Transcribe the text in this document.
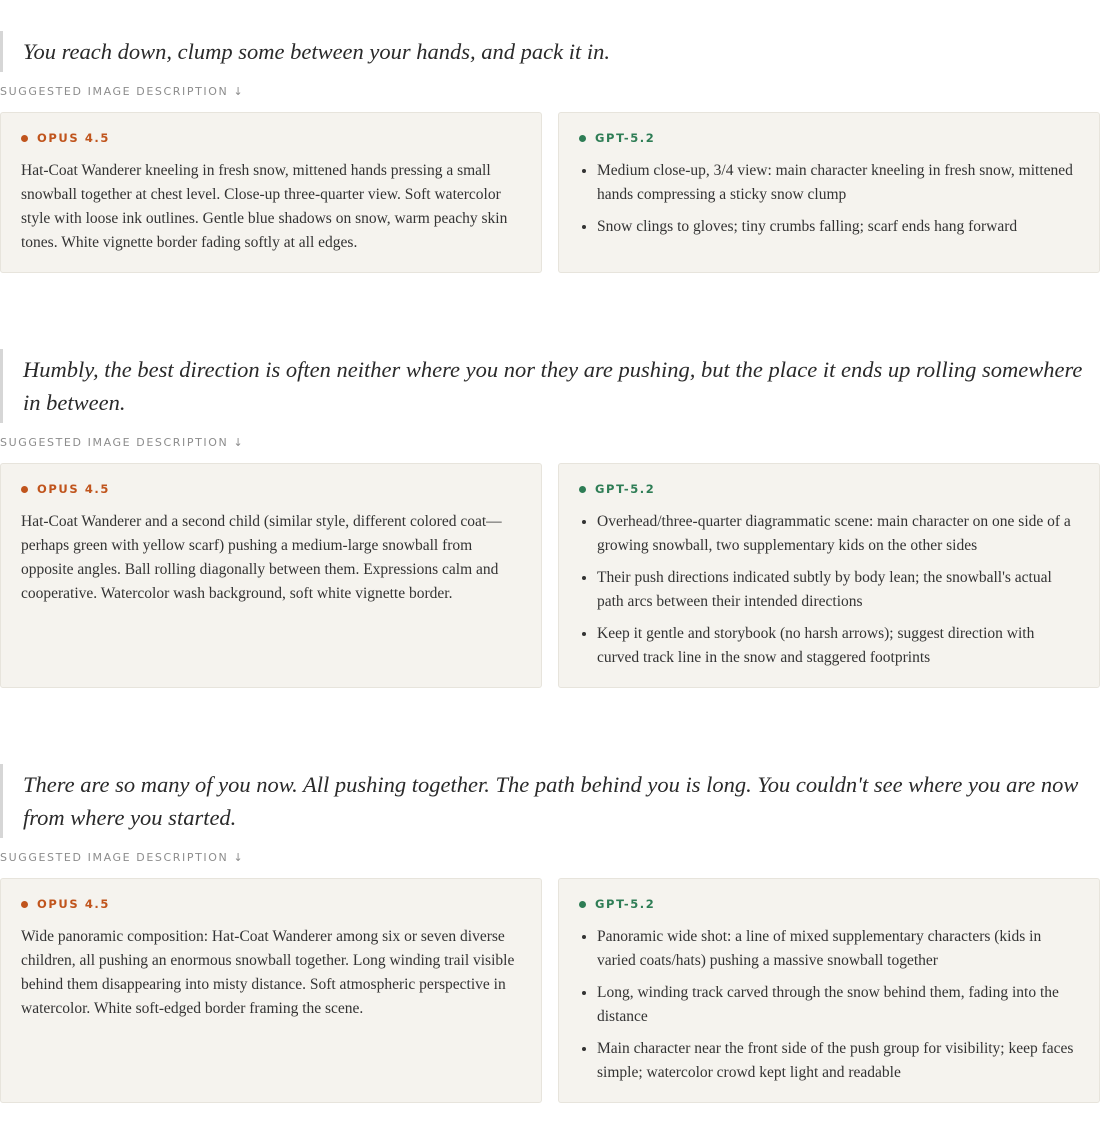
You reach down, clump some between your hands, and pack it in.
SUGGESTED IMAGE DESCRIPTION ↓
OPUS 4.5
Hat-Coat Wanderer kneeling in fresh snow, mittened hands pressing a small snowball together at chest level. Close-up three-quarter view. Soft watercolor style with loose ink outlines. Gentle blue shadows on snow, warm peachy skin tones. White vignette border fading softly at all edges.
GPT-5.2
• Medium close-up, 3/4 view: main character kneeling in fresh snow, mittened hands compressing a sticky snow clump
• Snow clings to gloves; tiny crumbs falling; scarf ends hang forward
Humbly, the best direction is often neither where you nor they are pushing, but the place it ends up rolling somewhere in between.
SUGGESTED IMAGE DESCRIPTION ↓
OPUS 4.5
Hat-Coat Wanderer and a second child (similar style, different colored coat—perhaps green with yellow scarf) pushing a medium-large snowball from opposite angles. Ball rolling diagonally between them. Expressions calm and cooperative. Watercolor wash background, soft white vignette border.
GPT-5.2
• Overhead/three-quarter diagrammatic scene: main character on one side of a growing snowball, two supplementary kids on the other sides
• Their push directions indicated subtly by body lean; the snowball's actual path arcs between their intended directions
• Keep it gentle and storybook (no harsh arrows); suggest direction with curved track line in the snow and staggered footprints
There are so many of you now. All pushing together. The path behind you is long. You couldn't see where you are now from where you started.
SUGGESTED IMAGE DESCRIPTION ↓
OPUS 4.5
Wide panoramic composition: Hat-Coat Wanderer among six or seven diverse children, all pushing an enormous snowball together. Long winding trail visible behind them disappearing into misty distance. Soft atmospheric perspective in watercolor. White soft-edged border framing the scene.
GPT-5.2
• Panoramic wide shot: a line of mixed supplementary characters (kids in varied coats/hats) pushing a massive snowball together
• Long, winding track carved through the snow behind them, fading into the distance
• Main character near the front side of the push group for visibility; keep faces simple; watercolor crowd kept light and readable
